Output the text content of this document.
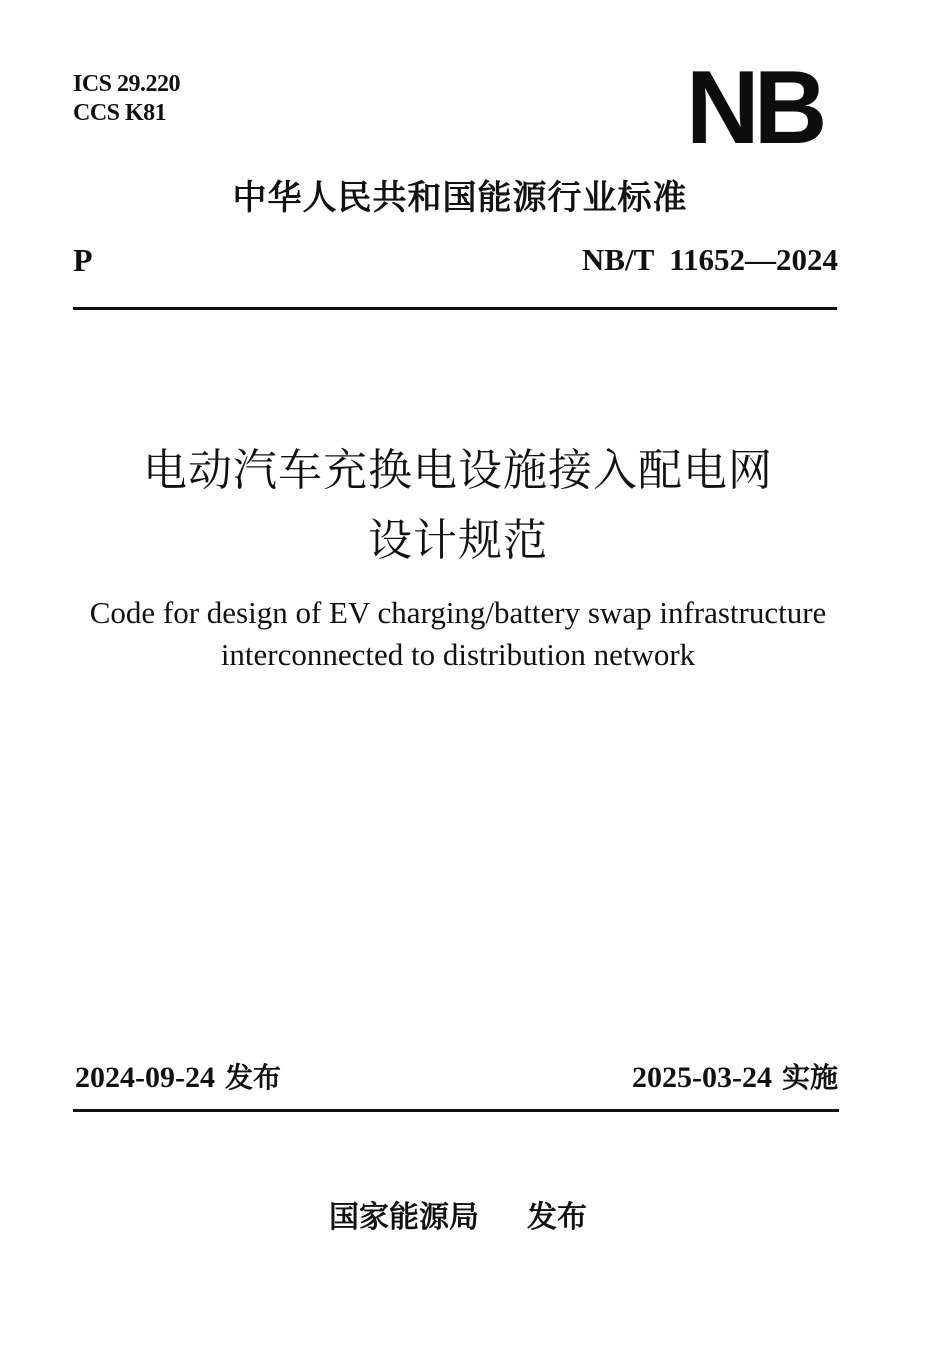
ICS 29.220
CCS K81	NB
中华人民共和国能源行业标准
P	NB/T  11652—2024
电动汽车充换电设施接入配电网
设计规范
Code for design of EV charging/battery swap infrastructure
interconnected to distribution network
2024-09-24 发布	2025-03-24 实施
国家能源局 发布
